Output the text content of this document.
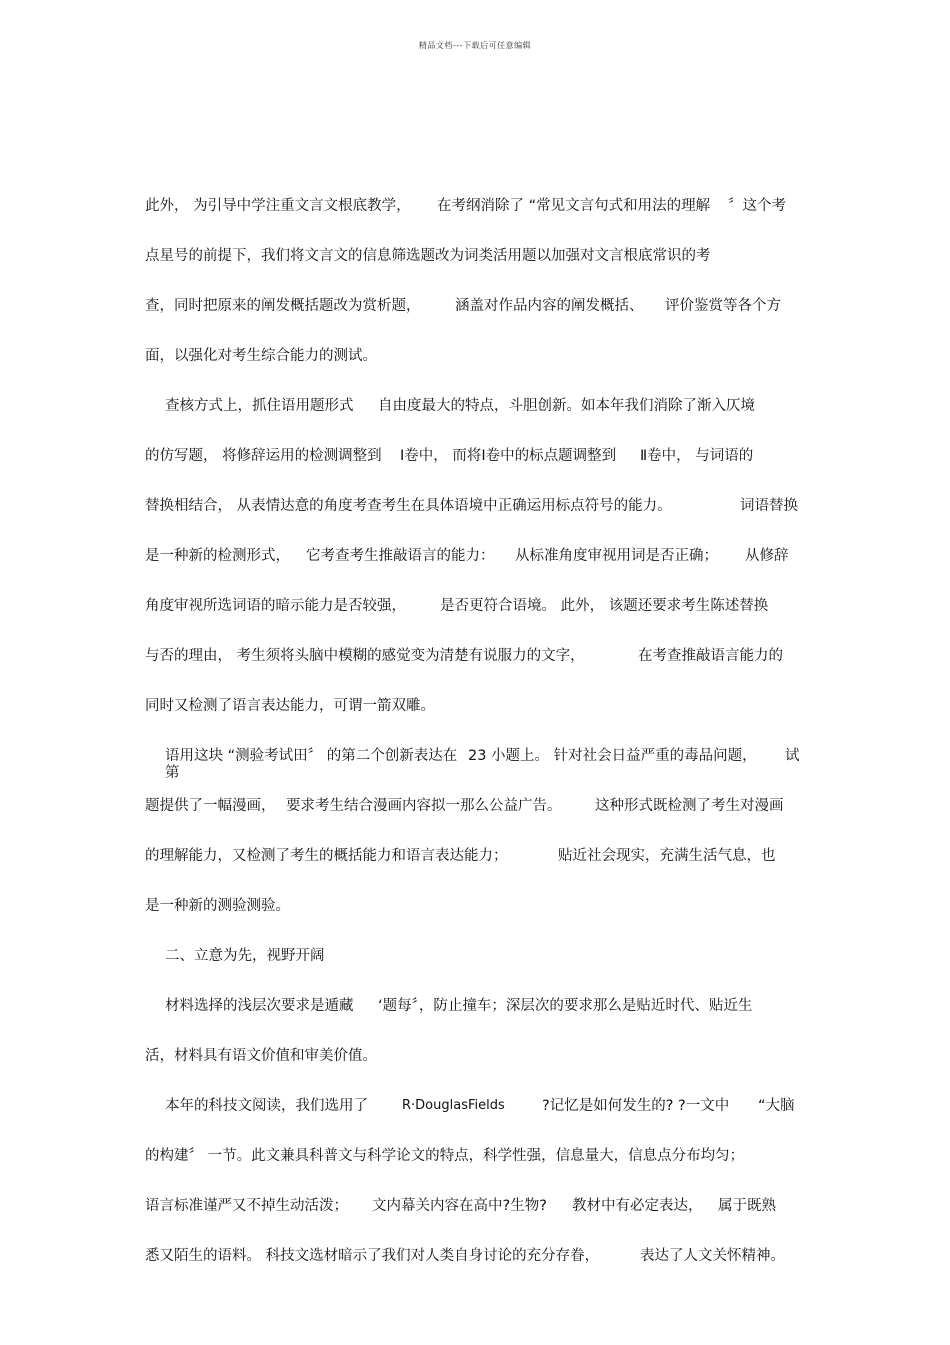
精品文档---下载后可任意编辑
此外， 为引导中学注重文言文根底教学， 在考纲消除了 “常见文言句式和用法的理解 〞这个考
点星号的前提下，我们将文言文的信息筛选题改为词类活用题以加强对文言根底常识的考
查，同时把原来的阐发概括题改为赏析题， 涵盖对作品内容的阐发概括、 评价鉴赏等各个方
面，以强化对考生综合能力的测试。
查核方式上，抓住语用题形式 自由度最大的特点，斗胆创新。如本年我们消除了渐入仄境
的仿写题， 将修辞运用的检测调整到 Ⅰ卷中， 而将Ⅰ卷中的标点题调整到 Ⅱ卷中， 与词语的
替换相结合， 从表情达意的角度考查考生在具体语境中正确运用标点符号的能力。	词语替换
是一种新的检测形式， 它考查考生推敲语言的能力： 从标准角度审视用词是否正确； 从修辞
角度审视所选词语的暗示能力是否较强， 是否更符合语境。 此外， 该题还要求考生陈述替换
与否的理由， 考生须将头脑中模糊的感觉变为清楚有说服力的文字，	在考查推敲语言能力的
同时又检测了语言表达能力，可谓一箭双雕。
语用这块 “测验考试田〞 的第二个创新表达在 23 小题上。 针对社会日益严重的毒品问题， 试
第
题提供了一幅漫画， 要求考生结合漫画内容拟一那么公益广告。 这种形式既检测了考生对漫画
的理解能力，又检测了考生的概括能力和语言表达能力；	贴近社会现实，充满生活气息，也
是一种新的测验测验。
二、立意为先，视野开阔
材料选择的浅层次要求是遁藏 ‘题每〞，防止撞车；深层次的要求那么是贴近时代、贴近生
活，材料具有语文价值和审美价值。
本年的科技文阅读，我们选用了	R·DouglasFields	?记忆是如何发生的? ?一文中 “大脑
的构建〞 一节。此文兼具科普文与科学论文的特点，科学性强，信息量大，信息点分布均匀；
语言标准谨严又不掉生动活泼； 文内幕关内容在高中?生物? 教材中有必定表达， 属于既熟
悉又陌生的语料。 科技文选材暗示了我们对人类自身讨论的充分存眷，	表达了人文关怀精神。
